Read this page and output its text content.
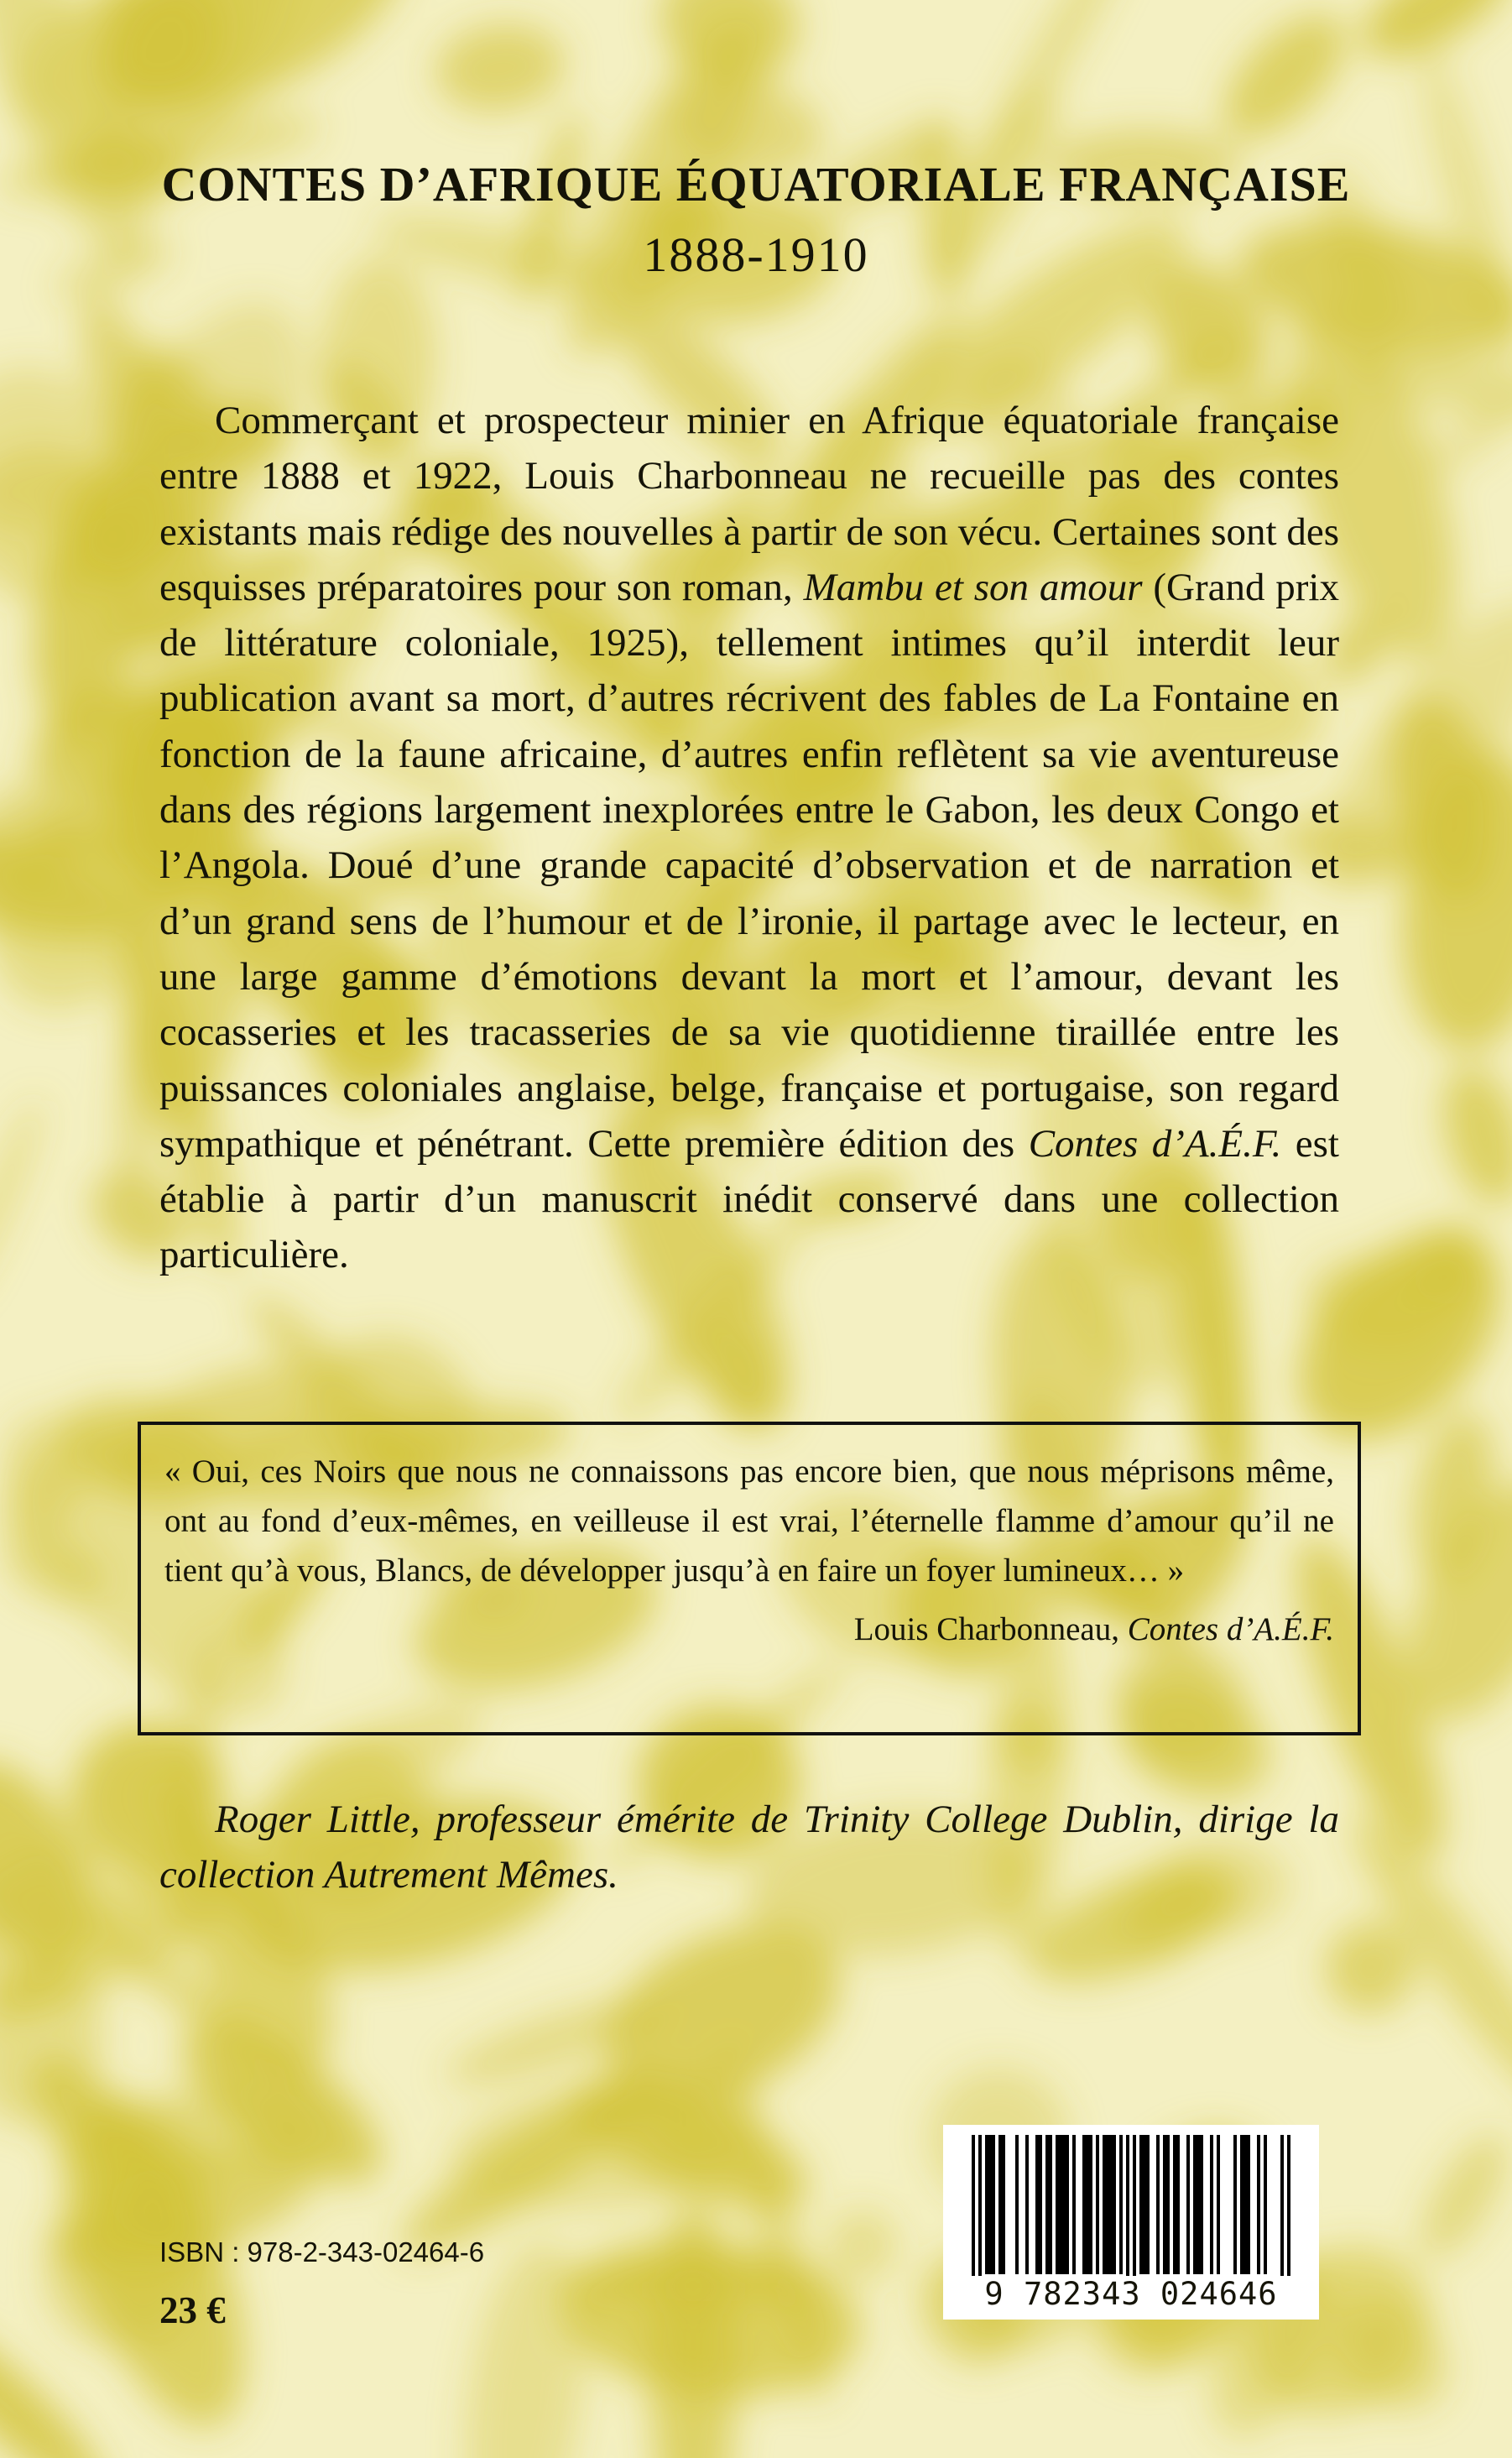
CONTES D’AFRIQUE ÉQUATORIALE FRANÇAISE
1888-1910

Commerçant et prospecteur minier en Afrique équatoriale française entre 1888 et 1922, Louis Charbonneau ne recueille pas des contes existants mais rédige des nouvelles à partir de son vécu. Certaines sont des esquisses préparatoires pour son roman, Mambu et son amour (Grand prix de littérature coloniale, 1925), tellement intimes qu’il interdit leur publication avant sa mort, d’autres récrivent des fables de La Fontaine en fonction de la faune africaine, d’autres enfin reflètent sa vie aventureuse dans des régions largement inexplorées entre le Gabon, les deux Congo et l’Angola. Doué d’une grande capacité d’observation et de narration et d’un grand sens de l’humour et de l’ironie, il partage avec le lecteur, en une large gamme d’émotions devant la mort et l’amour, devant les cocasseries et les tracasseries de sa vie quotidienne tiraillée entre les puissances coloniales anglaise, belge, française et portugaise, son regard sympathique et pénétrant. Cette première édition des Contes d’A.É.F. est établie à partir d’un manuscrit inédit conservé dans une collection particulière.

« Oui, ces Noirs que nous ne connaissons pas encore bien, que nous méprisons même, ont au fond d’eux-mêmes, en veilleuse il est vrai, l’éternelle flamme d’amour qu’il ne tient qu’à vous, Blancs, de développer jusqu’à en faire un foyer lumineux… »

Louis Charbonneau, Contes d’A.É.F.

Roger Little, professeur émérite de Trinity College Dublin, dirige la collection Autrement Mêmes.

ISBN : 978-2-343-02464-6
23 €	9 782343 024646
